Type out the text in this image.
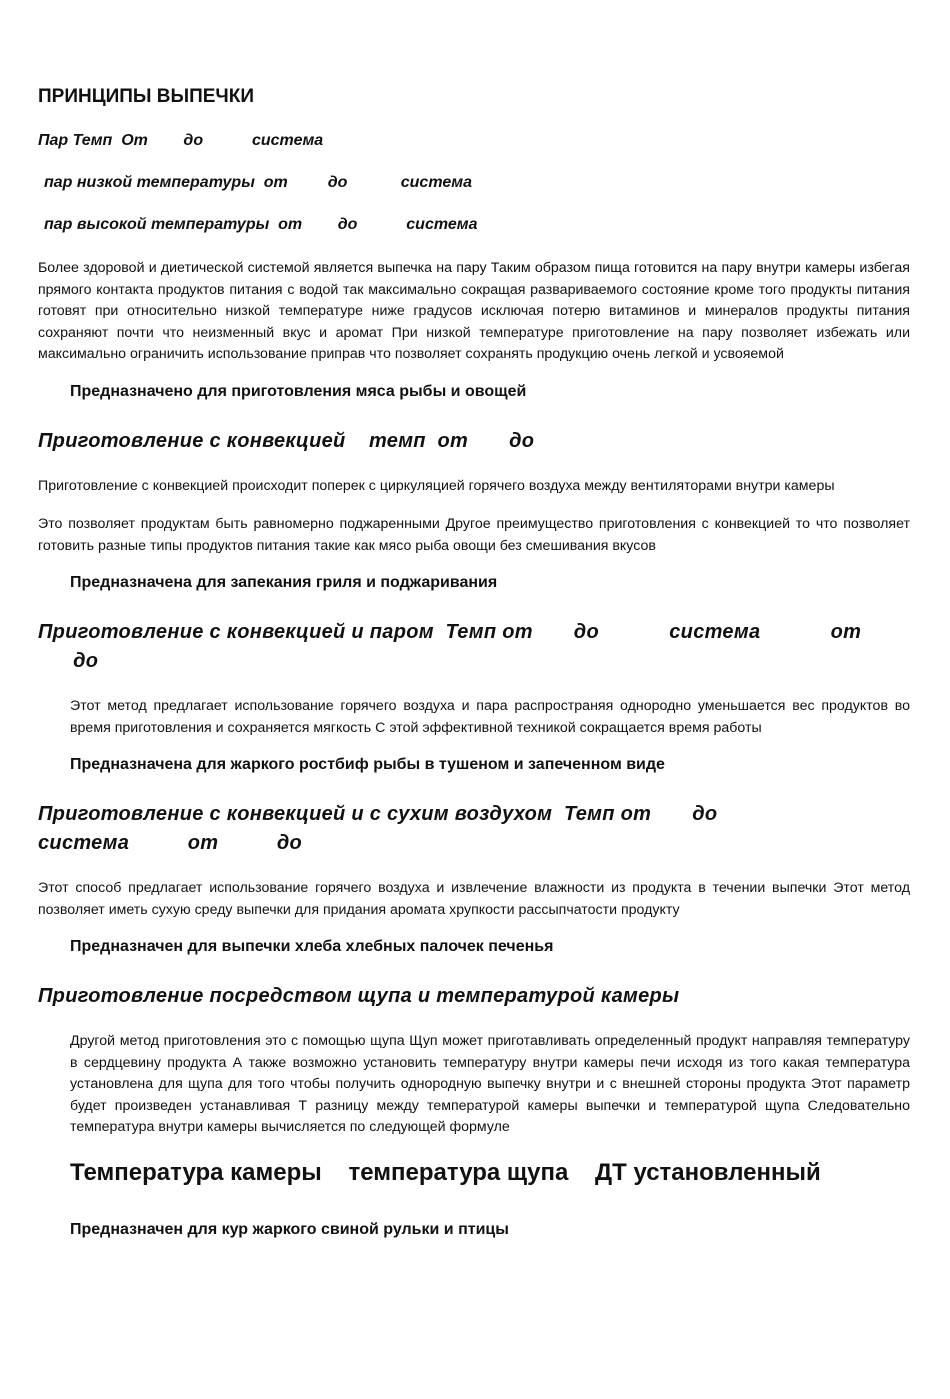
ПРИНЦИПЫ ВЫПЕЧКИ
Пар Темп  От        до           система
пар низкой температуры  от         до            система
пар высокой температуры  от        до           система

Более здоровой и диетической системой является выпечка на пару Таким образом пища готовится на пару внутри камеры избегая прямого контакта продуктов питания с водой так максимально сокращая развариваемого состояние кроме того продукты питания готовят при относительно низкой температуре ниже градусов исключая потерю витаминов и минералов продукты питания сохраняют почти что неизменный вкус и аромат При низкой температуре приготовление на пару позволяет избежать или максимально ограничить использование приправ что позволяет сохранять продукцию очень легкой и усвояемой

Предназначено для приготовления мяса рыбы и овощей
Приготовление с конвекцией    темп  от       до

Приготовление с конвекцией происходит поперек с циркуляцией горячего воздуха между вентиляторами внутри камеры

Это позволяет продуктам быть равномерно поджаренными Другое преимущество приготовления с конвекцией то что позволяет готовить разные типы продуктов питания такие как мясо рыба овощи без смешивания вкусов

Предназначена для запекания гриля и поджаривания
Приготовление с конвекцией и паром  Темп от       до            система            от
до

Этот метод предлагает использование горячего воздуха и пара распространяя однородно уменьшается вес продуктов во время приготовления и сохраняется мягкость С этой эффективной техникой сокращается время работы

Предназначена для жаркого ростбиф рыбы в тушеном и запеченном виде
Приготовление с конвекцией и с сухим воздухом  Темп от       до
система          от          до

Этот способ предлагает использование горячего воздуха и извлечение влажности из продукта в течении выпечки Этот метод позволяет иметь сухую среду выпечки для придания аромата хрупкости рассыпчатости продукту

Предназначен для выпечки хлеба хлебных палочек печенья
Приготовление посредством щупа и температурой камеры

Другой метод приготовления это с помощью щупа Щуп может приготавливать определенный продукт направляя температуру в сердцевину продукта А также возможно установить температуру внутри камеры печи исходя из того какая температура установлена для щупа для того чтобы получить однородную выпечку внутри и с внешней стороны продукта Этот параметр будет произведен устанавливая Т разницу между температурой камеры выпечки и температурой щупа Следовательно температура внутри камеры вычисляется по следующей формуле

Температура камеры    температура щупа    ДТ установленный
Предназначен для кур жаркого свиной рульки и птицы
